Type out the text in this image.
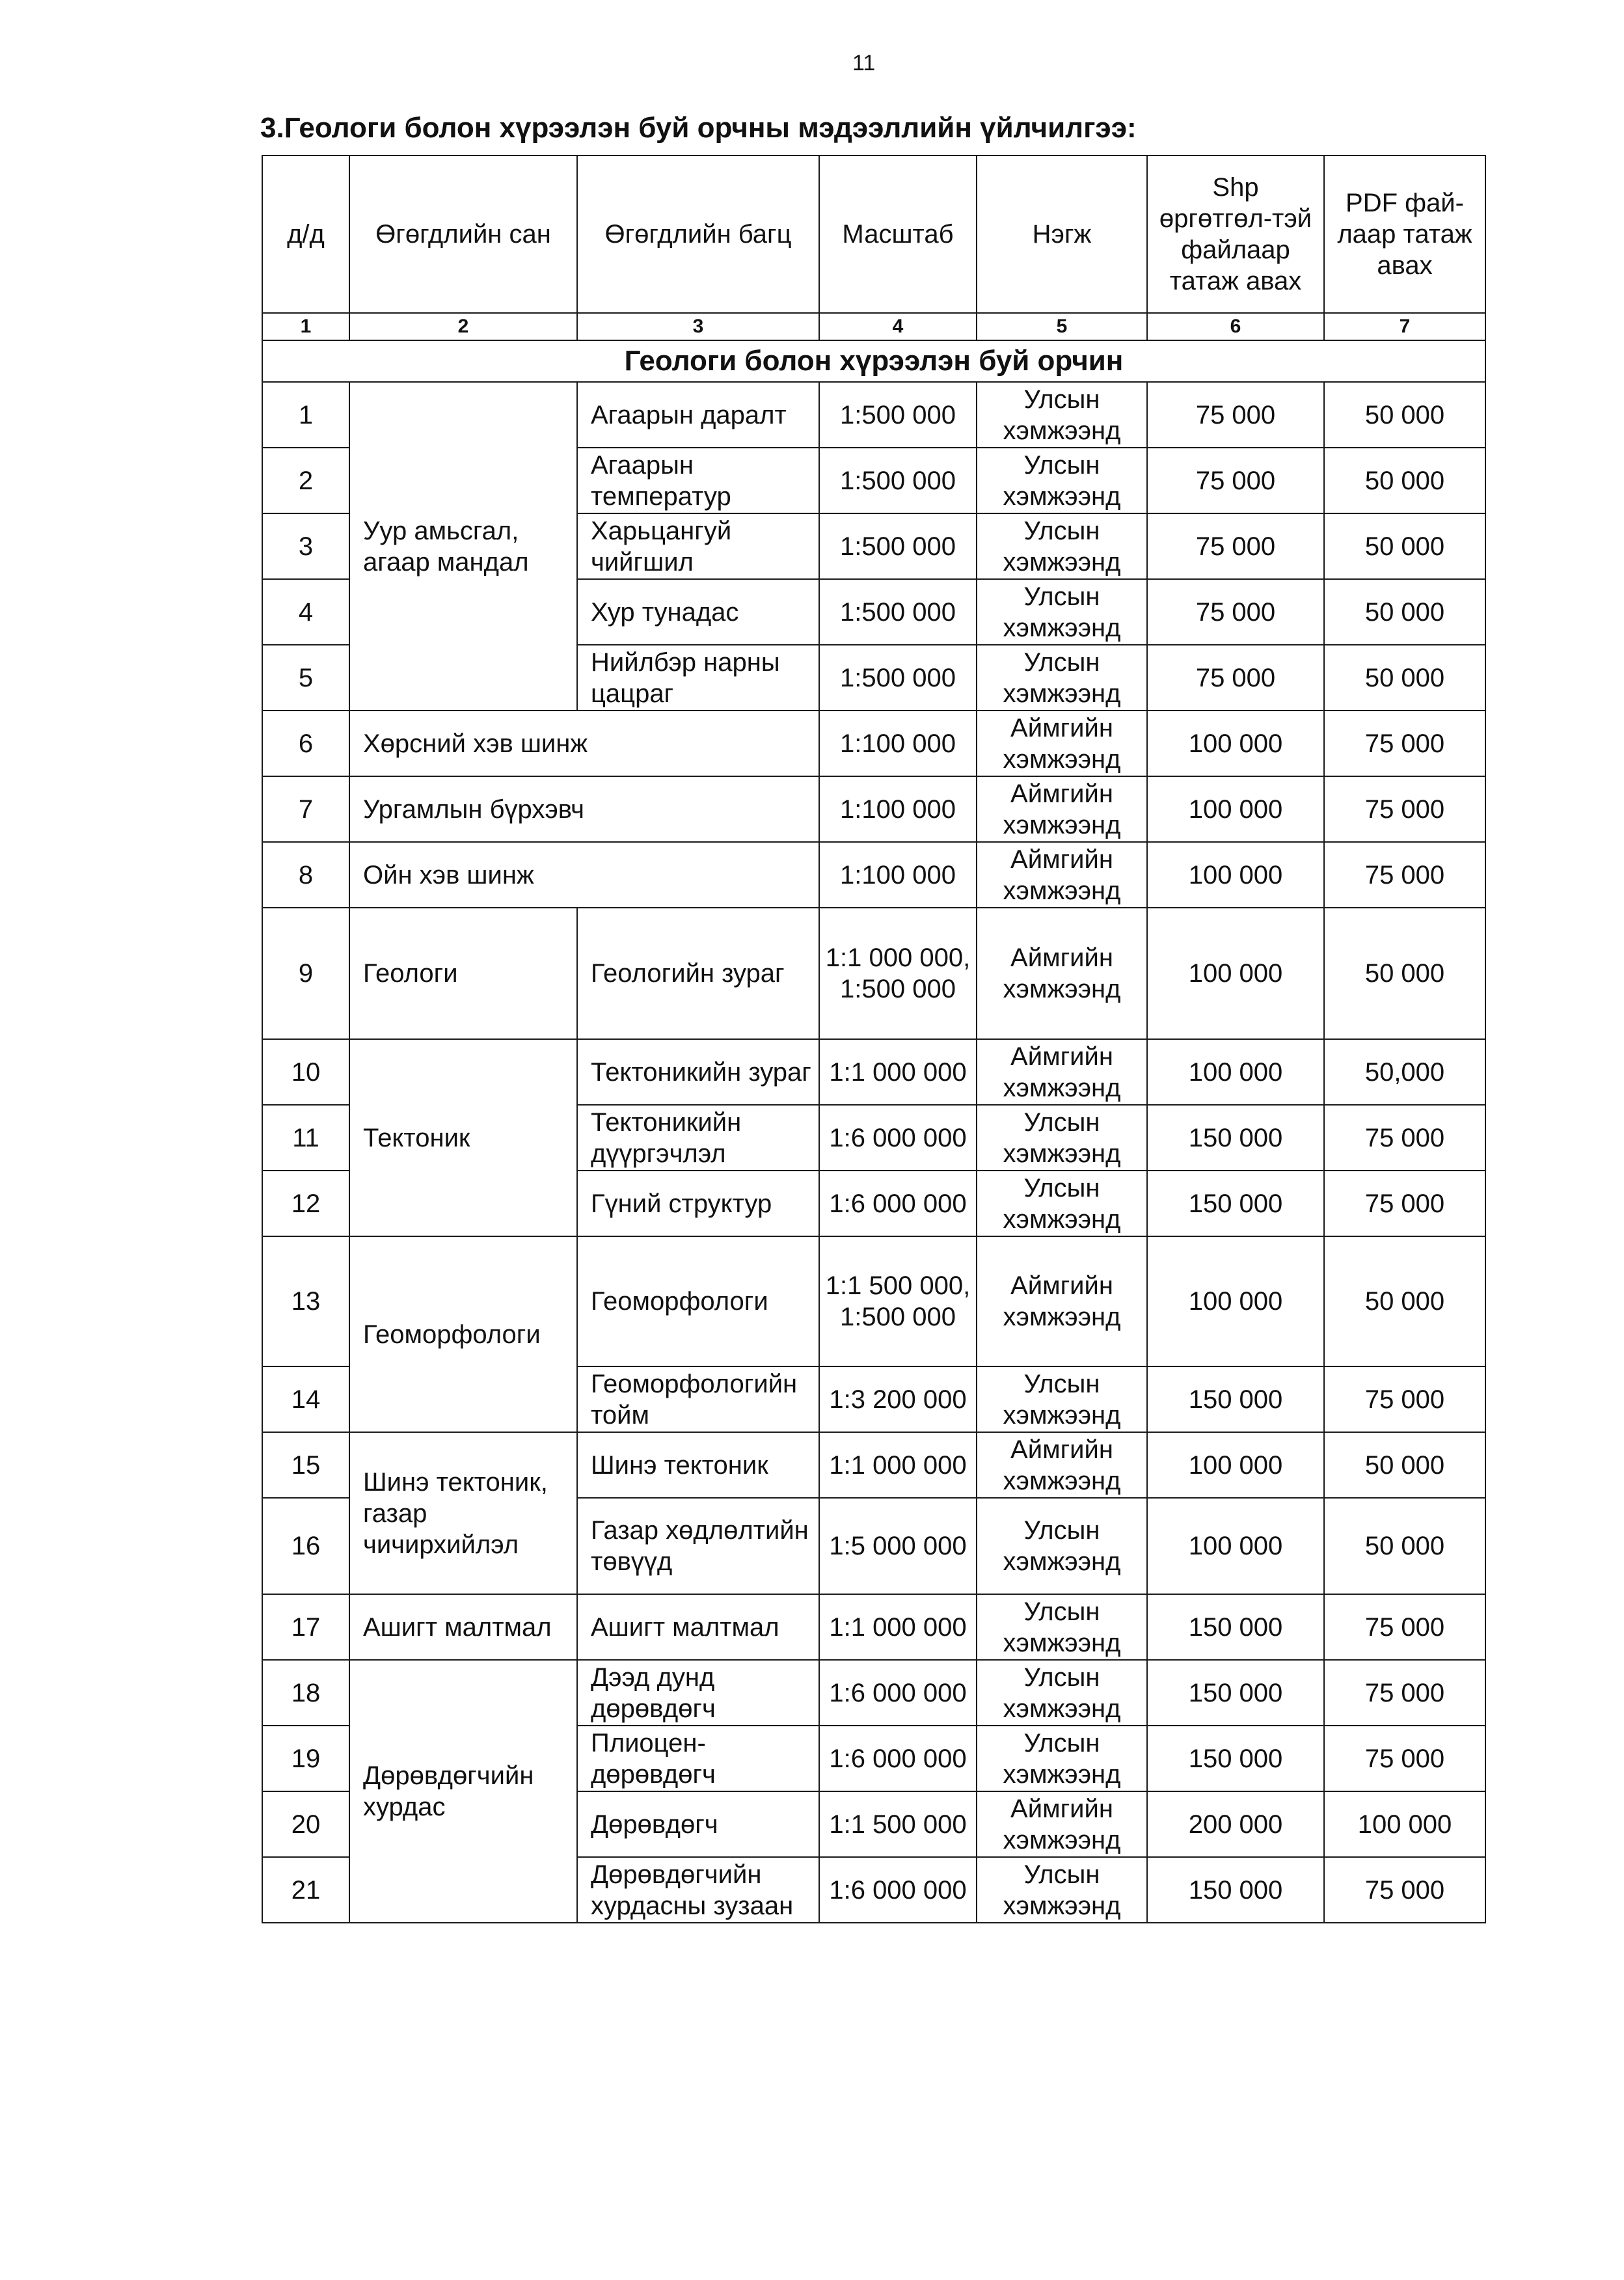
11
3.Геологи болон хүрээлэн буй орчны мэдээллийн үйлчилгээ:
д/д	Өгөгдлийн сан	Өгөгдлийн багц	Масштаб	Нэгж	Shp өргөтгөл-тэй файлаар татаж авах	PDF фай-лаар татаж авах
1	2	3	4	5	6	7
Геологи болон хүрээлэн буй орчин						
1	Уур амьсгал, агаар мандал	Агаарын даралт	1:500 000	Улсын хэмжээнд	75 000	50 000
2		Агаарын температур	1:500 000	Улсын хэмжээнд	75 000	50 000
3		Харьцангуй чийгшил	1:500 000	Улсын хэмжээнд	75 000	50 000
4		Хур тунадас	1:500 000	Улсын хэмжээнд	75 000	50 000
5		Нийлбэр нарны цацраг	1:500 000	Улсын хэмжээнд	75 000	50 000
6	Хөрсний хэв шинж		1:100 000	Аймгийн хэмжээнд	100 000	75 000
7	Ургамлын бүрхэвч		1:100 000	Аймгийн хэмжээнд	100 000	75 000
8	Ойн хэв шинж		1:100 000	Аймгийн хэмжээнд	100 000	75 000
9	Геологи	Геологийн зураг	1:1 000 000, 1:500 000	Аймгийн хэмжээнд	100 000	50 000
10	Тектоник	Тектоникийн зураг	1:1 000 000	Аймгийн хэмжээнд	100 000	50,000
11		Тектоникийн дүүргэчлэл	1:6 000 000	Улсын хэмжээнд	150 000	75 000
12		Гүний структур	1:6 000 000	Улсын хэмжээнд	150 000	75 000
13	Геоморфологи	Геоморфологи	1:1 500 000, 1:500 000	Аймгийн хэмжээнд	100 000	50 000
14		Геоморфологийн тойм	1:3 200 000	Улсын хэмжээнд	150 000	75 000
15	Шинэ тектоник, газар чичирхийлэл	Шинэ тектоник	1:1 000 000	Аймгийн хэмжээнд	100 000	50 000
16		Газар хөдлөлтийн төвүүд	1:5 000 000	Улсын хэмжээнд	100 000	50 000
17	Ашигт малтмал	Ашигт малтмал	1:1 000 000	Улсын хэмжээнд	150 000	75 000
18	Дөрөвдөгчийн хурдас	Дээд дунд дөрөвдөгч	1:6 000 000	Улсын хэмжээнд	150 000	75 000
19		Плиоцен-дөрөвдөгч	1:6 000 000	Улсын хэмжээнд	150 000	75 000
20		Дөрөвдөгч	1:1 500 000	Аймгийн хэмжээнд	200 000	100 000
21		Дөрөвдөгчийн хурдасны зузаан	1:6 000 000	Улсын хэмжээнд	150 000	75 000
